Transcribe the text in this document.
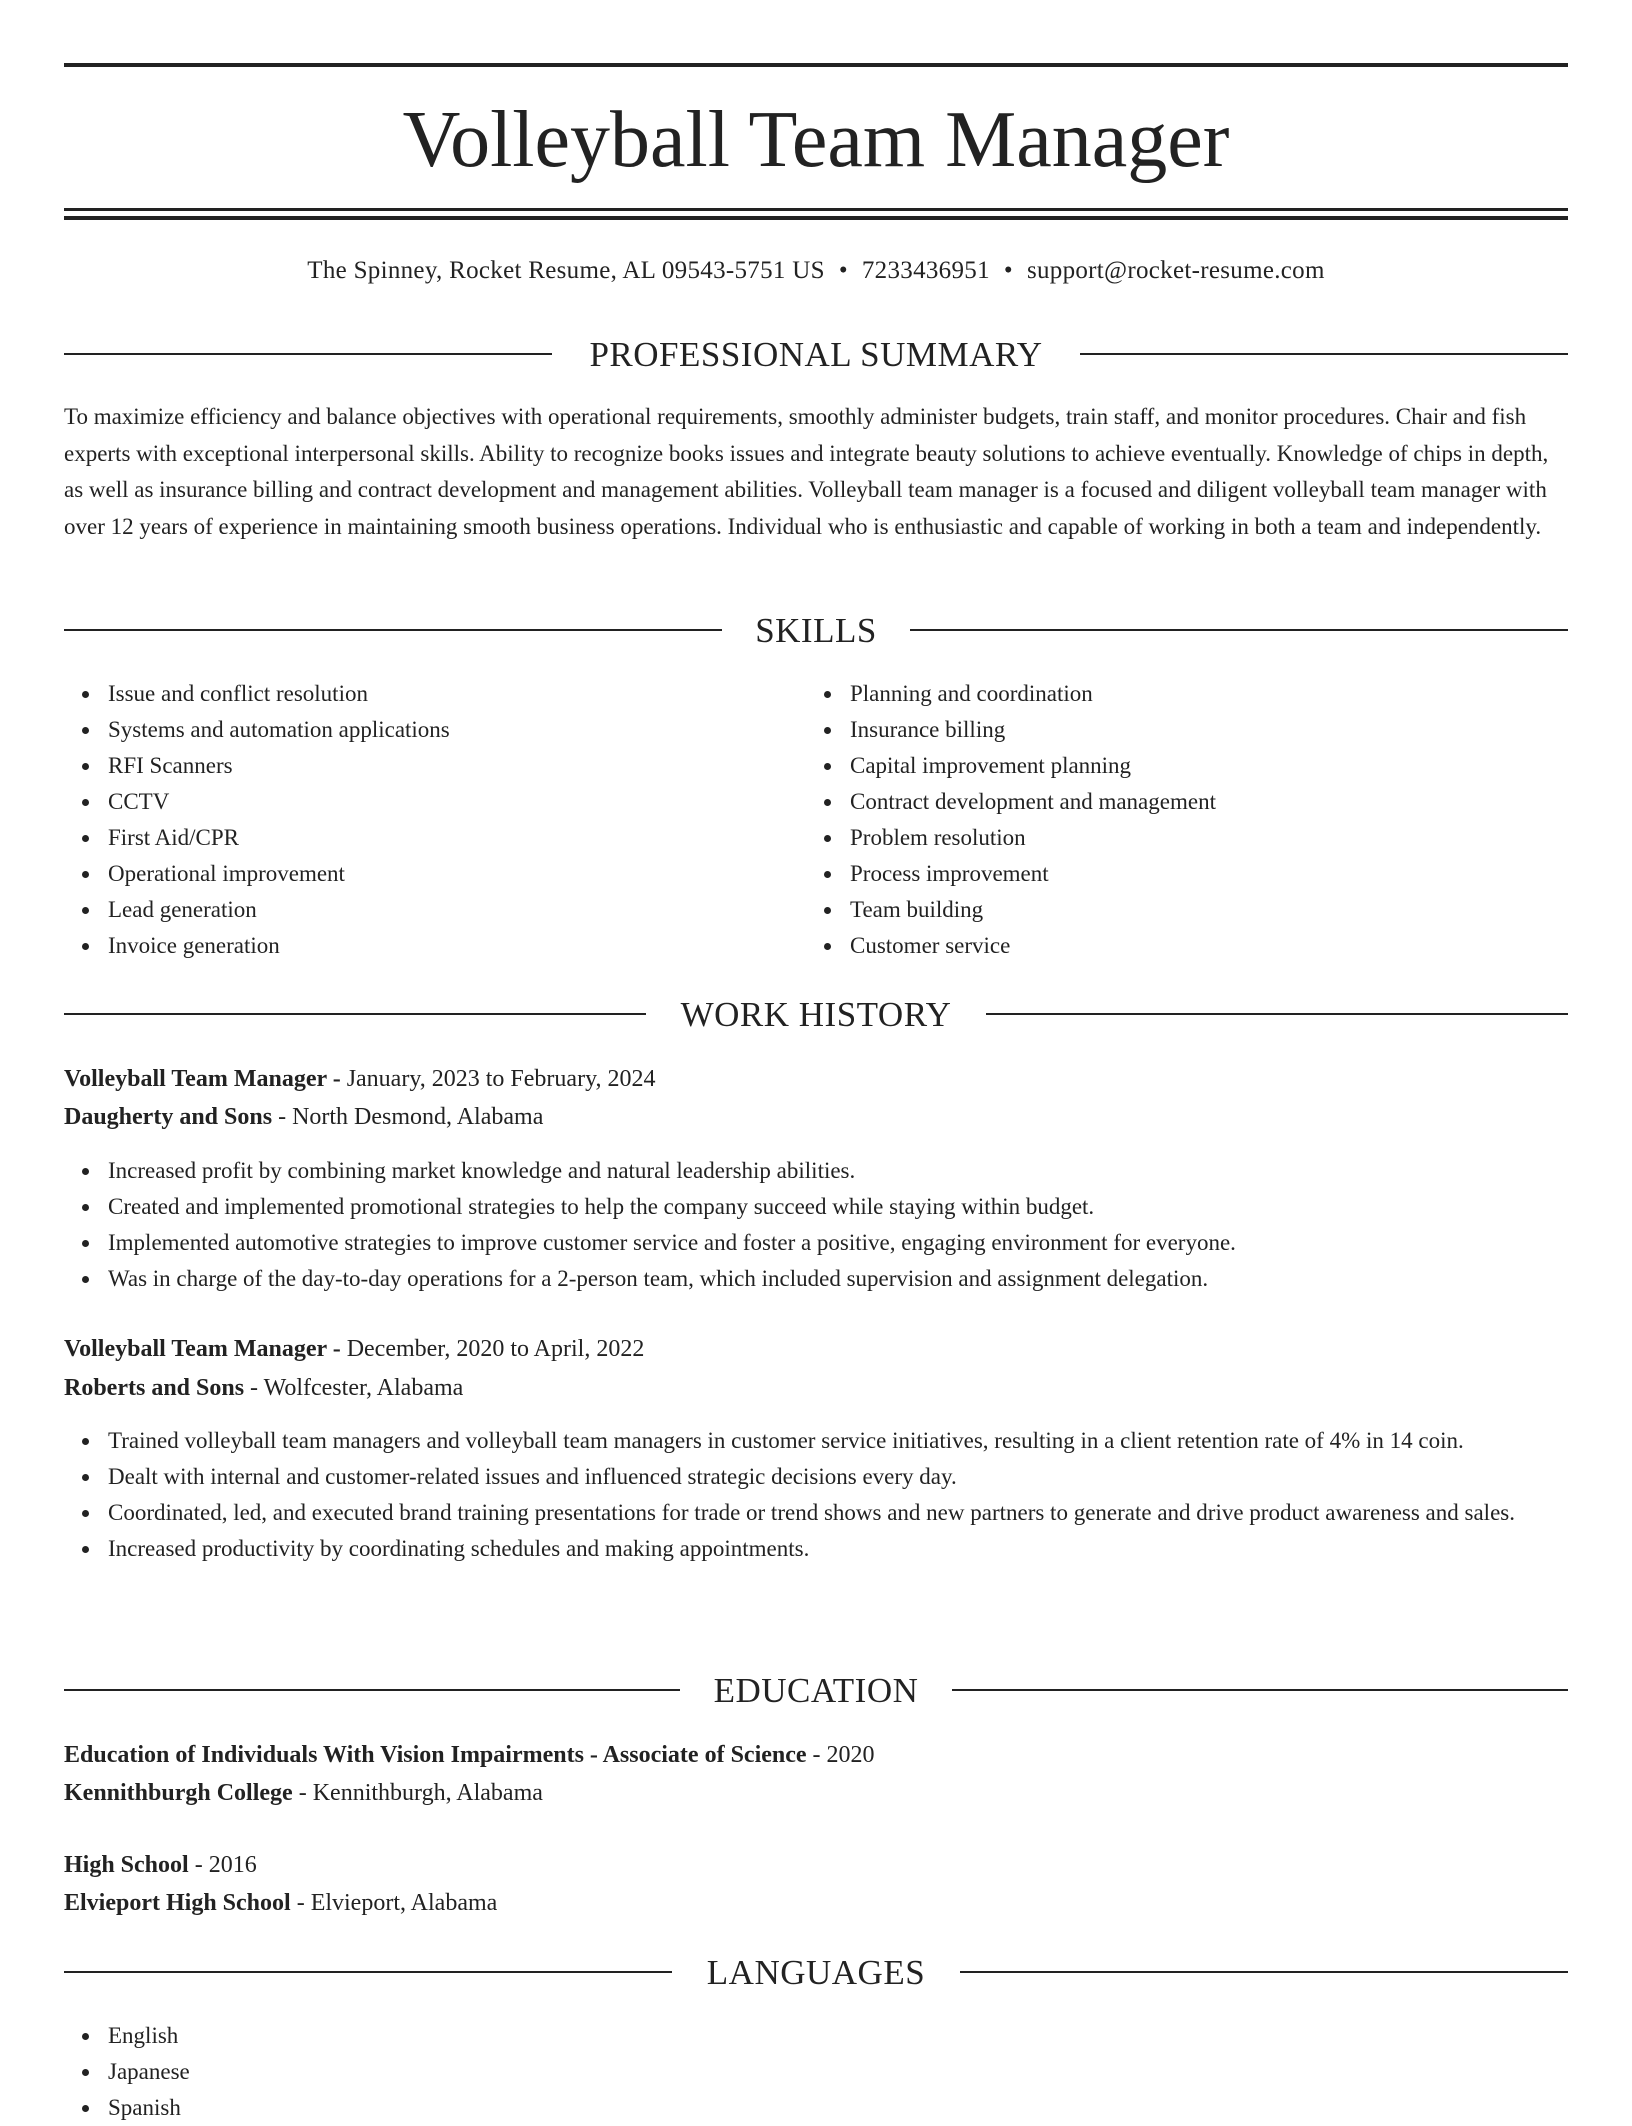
Volleyball Team Manager
The Spinney, Rocket Resume, AL 09543-5751 US • 7233436951 • support@rocket-resume.com
PROFESSIONAL SUMMARY

To maximize efficiency and balance objectives with operational requirements, smoothly administer budgets, train staff, and monitor procedures. Chair and fish experts with exceptional interpersonal skills. Ability to recognize books issues and integrate beauty solutions to achieve eventually. Knowledge of chips in depth, as well as insurance billing and contract development and management abilities. Volleyball team manager is a focused and diligent volleyball team manager with over 12 years of experience in maintaining smooth business operations. Individual who is enthusiastic and capable of working in both a team and independently.

SKILLS
Issue and conflict resolution
Systems and automation applications
RFI Scanners
CCTV
First Aid/CPR
Operational improvement
Lead generation
Invoice generation
Planning and coordination
Insurance billing
Capital improvement planning
Contract development and management
Problem resolution
Process improvement
Team building
Customer service
WORK HISTORY
Volleyball Team Manager - January, 2023 to February, 2024
Daugherty and Sons - North Desmond, Alabama
Increased profit by combining market knowledge and natural leadership abilities.
Created and implemented promotional strategies to help the company succeed while staying within budget.
Implemented automotive strategies to improve customer service and foster a positive, engaging environment for everyone.
Was in charge of the day-to-day operations for a 2-person team, which included supervision and assignment delegation.
Volleyball Team Manager - December, 2020 to April, 2022
Roberts and Sons - Wolfcester, Alabama
Trained volleyball team managers and volleyball team managers in customer service initiatives, resulting in a client retention rate of 4% in 14 coin.
Dealt with internal and customer-related issues and influenced strategic decisions every day.
Coordinated, led, and executed brand training presentations for trade or trend shows and new partners to generate and drive product awareness and sales.
Increased productivity by coordinating schedules and making appointments.
EDUCATION
Education of Individuals With Vision Impairments - Associate of Science - 2020
Kennithburgh College - Kennithburgh, Alabama
High School - 2016
Elvieport High School - Elvieport, Alabama
LANGUAGES
English
Japanese
Spanish
